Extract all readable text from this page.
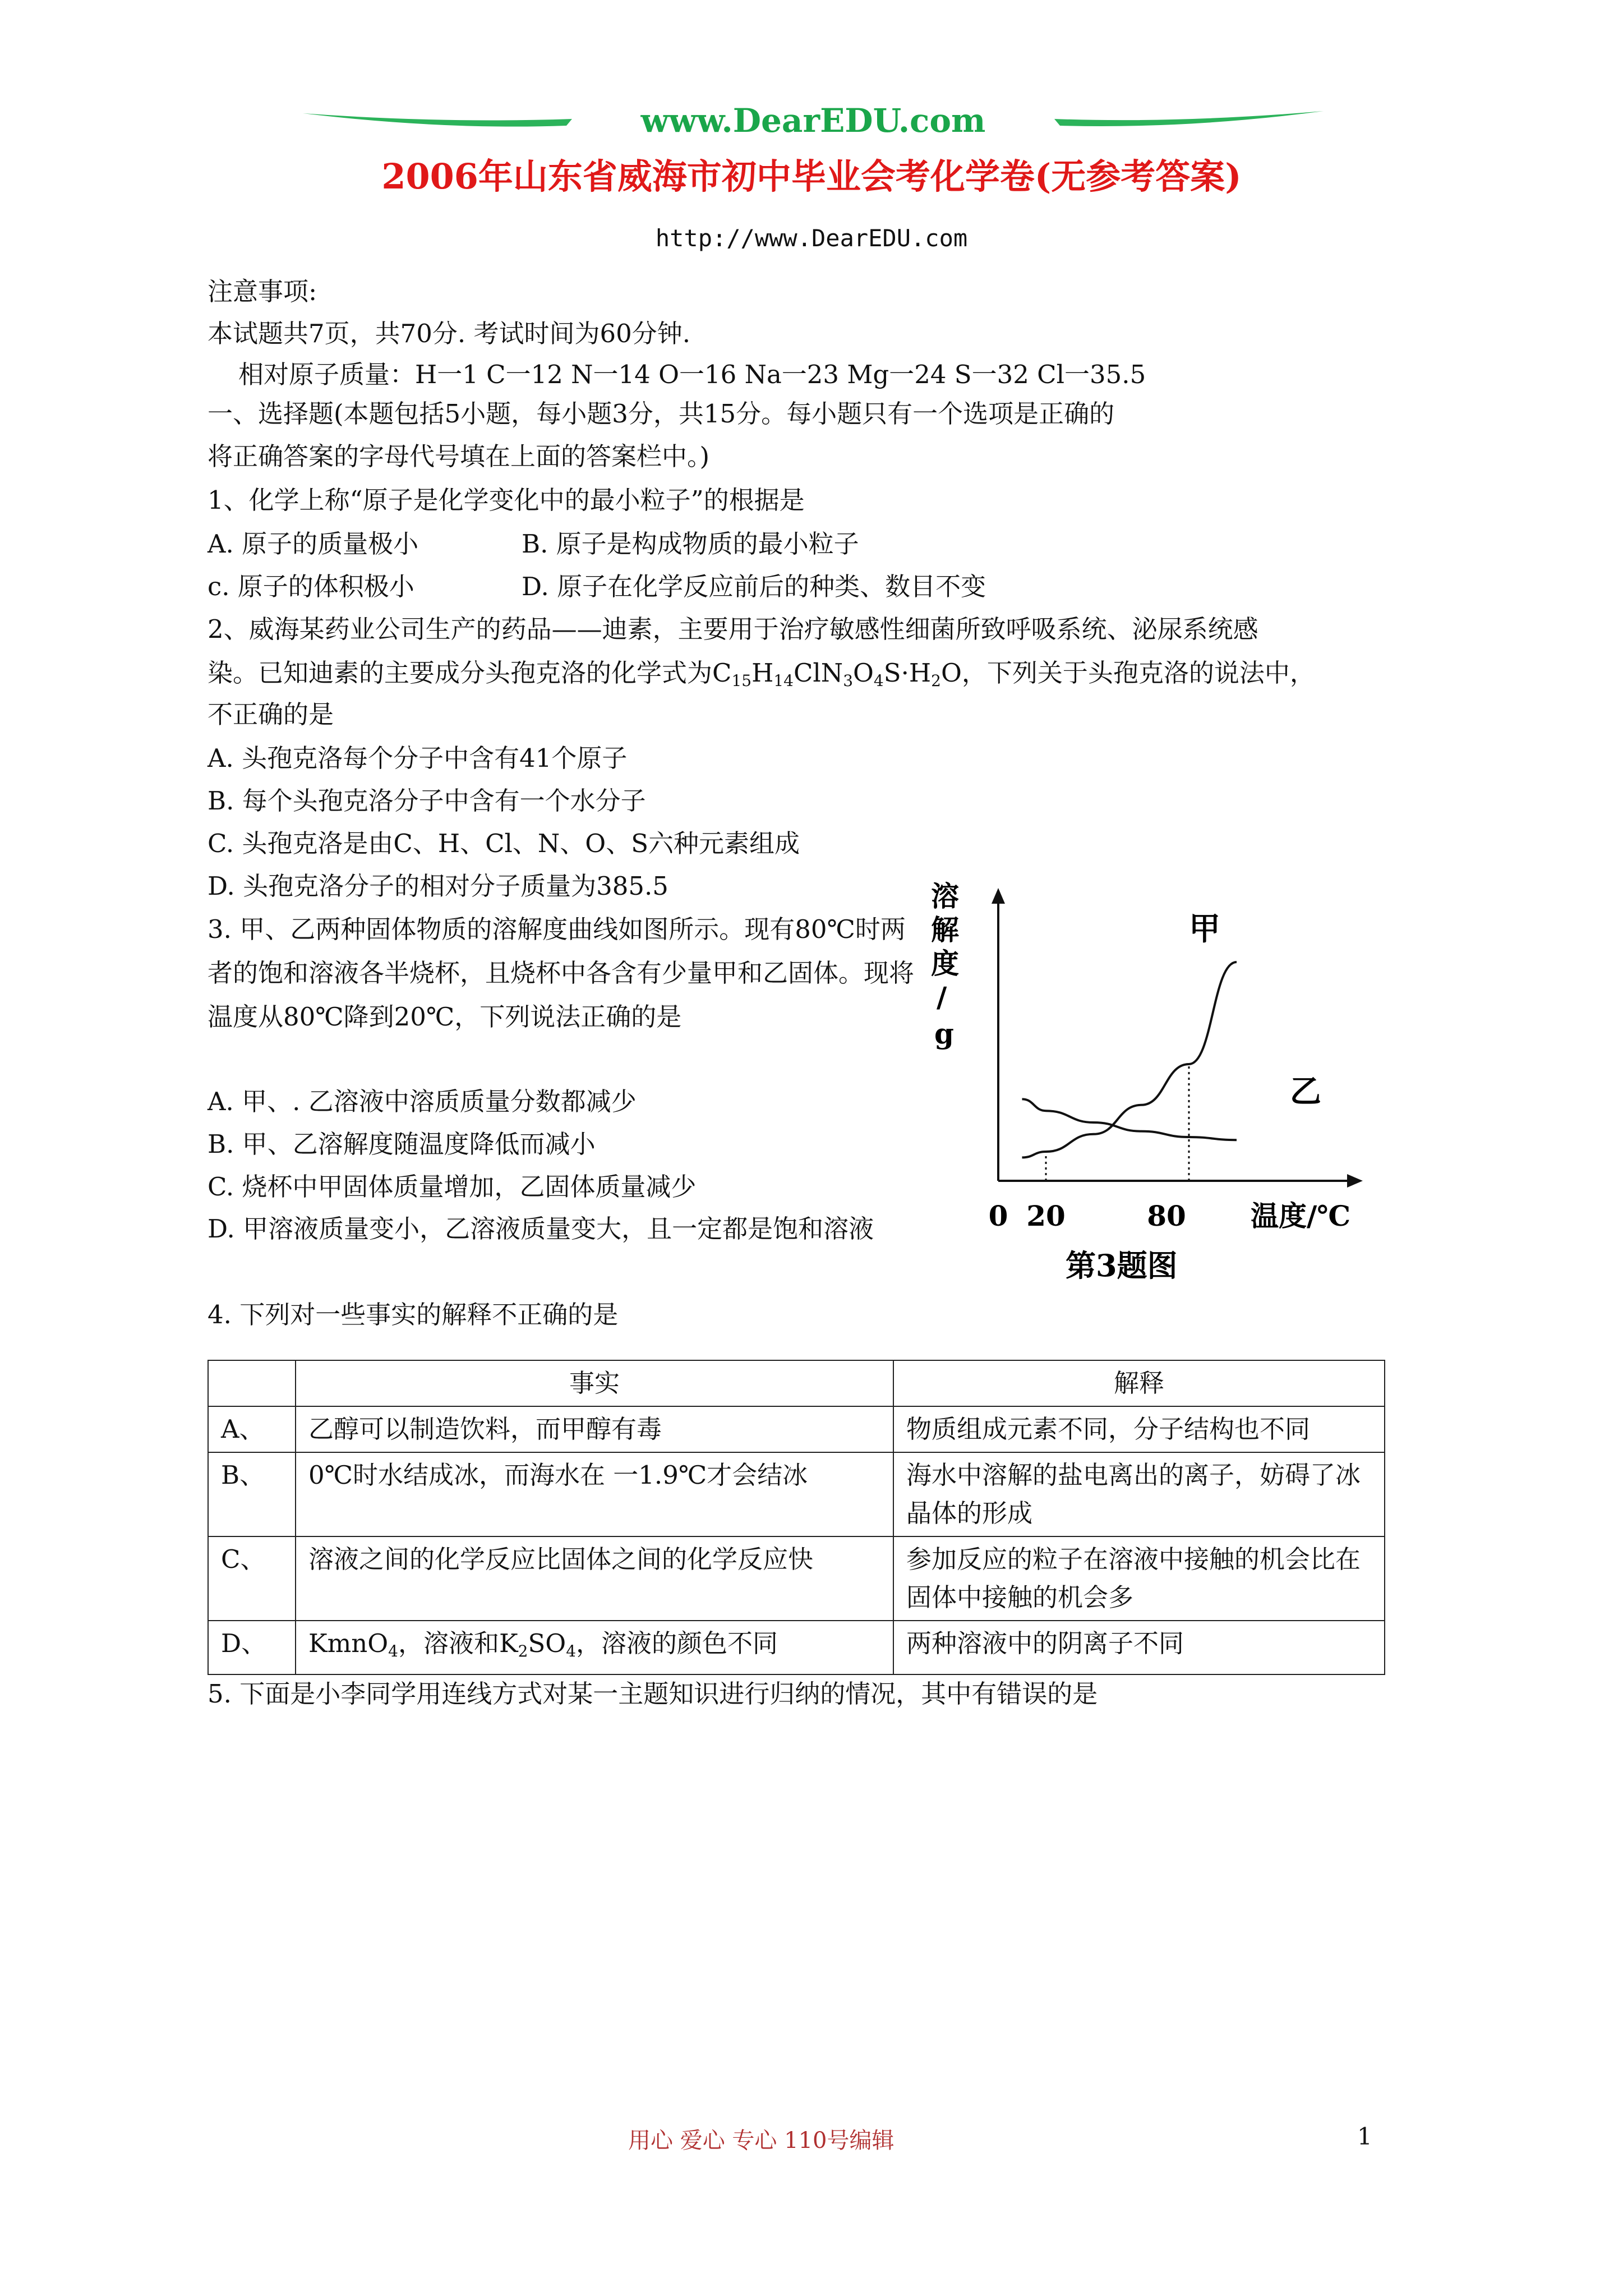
www.DearEDU.com
2006年山东省威海市初中毕业会考化学卷(无参考答案)
http://www.DearEDU.com
注意事项:
本试题共7页，共70分. 考试时间为60分钟.
相对原子质量：H一1 C一12 N一14 O一16 Na一23 Mg一24 S一32 Cl一35.5
一、选择题(本题包括5小题，每小题3分，共15分。每小题只有一个选项是正确的
将正确答案的字母代号填在上面的答案栏中。)
1、化学上称“原子是化学变化中的最小粒子”的根据是
A. 原子的质量极小	B. 原子是构成物质的最小粒子
c. 原子的体积极小	D. 原子在化学反应前后的种类、数目不变
2、威海某药业公司生产的药品——迪素，主要用于治疗敏感性细菌所致呼吸系统、泌尿系统感
染。已知迪素的主要成分头孢克洛的化学式为$C_{15}H_{14}ClN_3O_4S\cdot H_2O$，下列关于头孢克洛的说法中，
不正确的是
A. 头孢克洛每个分子中含有41个原子
B. 每个头孢克洛分子中含有一个水分子
C. 头孢克洛是由C、H、Cl、N、O、S六种元素组成
D. 头孢克洛分子的相对分子质量为385.5
3. 甲、乙两种固体物质的溶解度曲线如图所示。现有80℃时两者的饱和溶液各半烧杯，且烧杯中各含有少量甲和乙固体。现将温度从80℃降到20℃，下列说法正确的是
A. 甲、. 乙溶液中溶质质量分数都减少
B. 甲、乙溶解度随温度降低而减小
C. 烧杯中甲固体质量增加，乙固体质量减少
D. 甲溶液质量变小，乙溶液质量变大，且一定都是饱和溶液
4. 下列对一些事实的解释不正确的是
溶
解
度
/
g
甲
乙
0 20	80 温度/℃
第3题图
	事实	解释
A、	乙醇可以制造饮料，而甲醇有毒	物质组成元素不同，分子结构也不同
B、	0℃时水结成冰，而海水在 一1.9℃才会结冰	海水中溶解的盐电离出的离子，妨碍了冰晶体的形成
C、	溶液之间的化学反应比固体之间的化学反应快	参加反应的粒子在溶液中接触的机会比在固体中接触的机会多
D、	KmnO$_4$，溶液和$K_2SO_4$，溶液的颜色不同	两种溶液中的阴离子不同
5. 下面是小李同学用连线方式对某一主题知识进行归纳的情况，其中有错误的是
用心 爱心 专心 110号编辑	1
